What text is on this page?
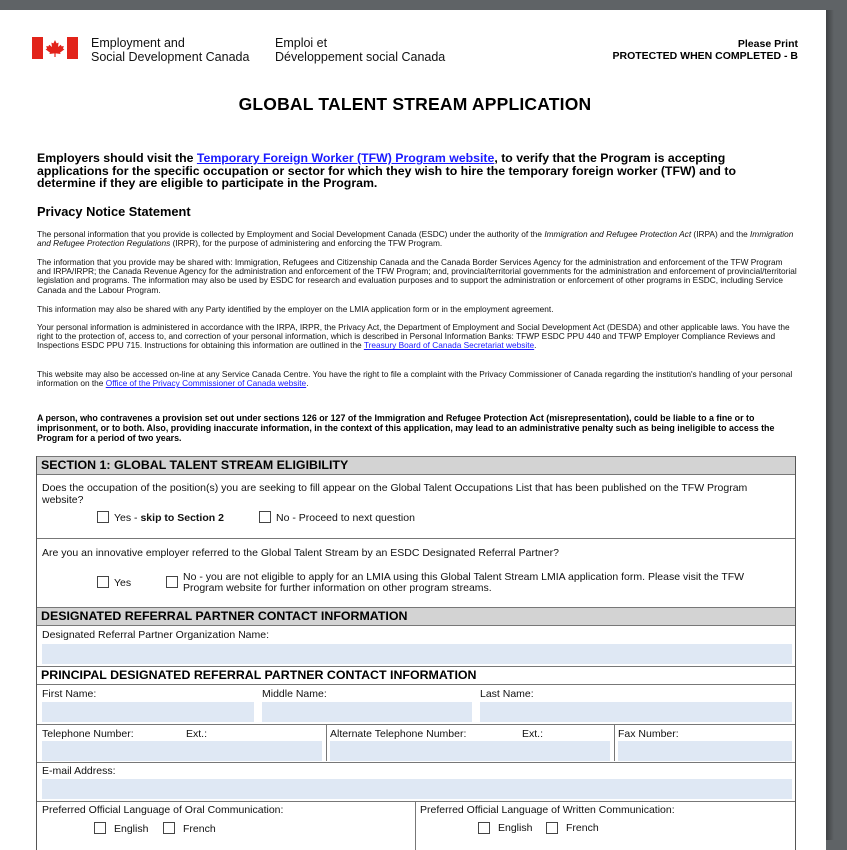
Employment and
Social Development Canada
Emploi et
Développement social Canada
Please Print
PROTECTED WHEN COMPLETED - B
GLOBAL TALENT STREAM APPLICATION
Employers should visit the Temporary Foreign Worker (TFW) Program website, to verify that the Program is accepting applications for the specific occupation or sector for which they wish to hire the temporary foreign worker (TFW) and to determine if they are eligible to participate in the Program.
Privacy Notice Statement
The personal information that you provide is collected by Employment and Social Development Canada (ESDC) under the authority of the Immigration and Refugee Protection Act (IRPA) and the Immigration and Refugee Protection Regulations (IRPR), for the purpose of administering and enforcing the TFW Program.
The information that you provide may be shared with: Immigration, Refugees and Citizenship Canada and the Canada Border Services Agency for the administration and enforcement of the TFW Program and IRPA/IRPR; the Canada Revenue Agency for the administration and enforcement of the TFW Program; and, provincial/territorial governments for the administration and enforcement of provincial/territorial legislation and programs. The information may also be used by ESDC for research and evaluation purposes and to support the administration or enforcement of other programs in ESDC, including Service Canada and the Labour Program.
This information may also be shared with any Party identified by the employer on the LMIA application form or in the employment agreement.
Your personal information is administered in accordance with the IRPA, IRPR, the Privacy Act, the Department of Employment and Social Development Act (DESDA) and other applicable laws. You have the right to the protection of, access to, and correction of your personal information, which is described in Personal Information Banks: TFWP ESDC PPU 440 and TFWP Employer Compliance Reviews and Inspections ESDC PPU 715. Instructions for obtaining this information are outlined in the Treasury Board of Canada Secretariat website.
This website may also be accessed on-line at any Service Canada Centre. You have the right to file a complaint with the Privacy Commissioner of Canada regarding the institution's handling of your personal information on the Office of the Privacy Commissioner of Canada website.
A person, who contravenes a provision set out under sections 126 or 127 of the Immigration and Refugee Protection Act (misrepresentation), could be liable to a fine or to imprisonment, or to both. Also, providing inaccurate information, in the context of this application, may lead to an administrative penalty such as being ineligible to access the Program for a period of two years.
SECTION 1: GLOBAL TALENT STREAM ELIGIBILITY
Does the occupation of the position(s) you are seeking to fill appear on the Global Talent Occupations List that has been published on the TFW Program website?
Yes - skip to Section 2	No - Proceed to next question
Are you an innovative employer referred to the Global Talent Stream by an ESDC Designated Referral Partner?
Yes	No - you are not eligible to apply for an LMIA using this Global Talent Stream LMIA application form. Please visit the TFW Program website for further information on other program streams.
DESIGNATED REFERRAL PARTNER CONTACT INFORMATION
Designated Referral Partner Organization Name:
PRINCIPAL DESIGNATED REFERRAL PARTNER CONTACT INFORMATION
First Name:	Middle Name:	Last Name:
Telephone Number:	Ext.:	Alternate Telephone Number:	Ext.:	Fax Number:
E-mail Address:
Preferred Official Language of Oral Communication:
English	French
Preferred Official Language of Written Communication:
English	French
